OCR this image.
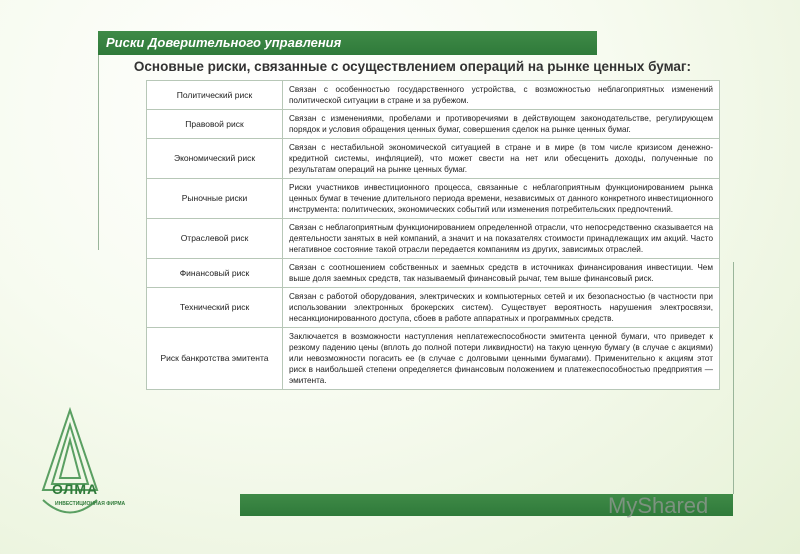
Риски Доверительного управления
Основные риски, связанные с осуществлением операций на рынке ценных бумаг:
Политический риск	Связан с особенностью государственного устройства, с возможностью неблагоприятных изменений политической ситуации в стране и за рубежом.
Правовой риск	Связан с изменениями, пробелами и противоречиями в действующем законодательстве, регулирующем порядок и условия обращения ценных бумаг, совершения сделок на рынке ценных бумаг.
Экономический риск	Связан с нестабильной экономической ситуацией в стране и в мире (в том числе кризисом денежно-кредитной системы, инфляцией), что может свести на нет или обесценить доходы, полученные по результатам операций на рынке ценных бумаг.
Рыночные риски	Риски участников инвестиционного процесса, связанные с неблагоприятным функционированием рынка ценных бумаг в течение длительного периода времени, независимых от данного конкретного инвестиционного инструмента: политических, экономических событий или изменения потребительских предпочтений.
Отраслевой риск	Связан с неблагоприятным функционированием определенной отрасли, что непосредственно сказывается на деятельности занятых в ней компаний, а значит и на показателях стоимости принадлежащих им акций. Часто негативное состояние такой отрасли передается компаниям из других, зависимых отраслей.
Финансовый риск	Связан с соотношением собственных и заемных средств в источниках финансирования инвестиции. Чем выше доля заемных средств, так называемый финансовый рычаг, тем выше финансовый риск.
Технический риск	Связан с работой оборудования, электрических и компьютерных сетей и их безопасностью (в частности при использовании электронных брокерских систем). Существует вероятность нарушения электросвязи, несанкционированного доступа, сбоев в работе аппаратных и программных средств.
Риск банкротства эмитента	Заключается в возможности наступления неплатежеспособности эмитента ценной бумаги, что приведет к резкому падению цены (вплоть до полной потери ликвидности) на такую ценную бумагу (в случае с акциями) или невозможности погасить ее (в случае с долговыми ценными бумагами). Применительно к акциям этот риск в наибольшей степени определяется финансовым положением и платежеспособностью предприятия — эмитента.
ОЛМА
ИНВЕСТИЦИОННАЯ ФИРМА	MyShared
